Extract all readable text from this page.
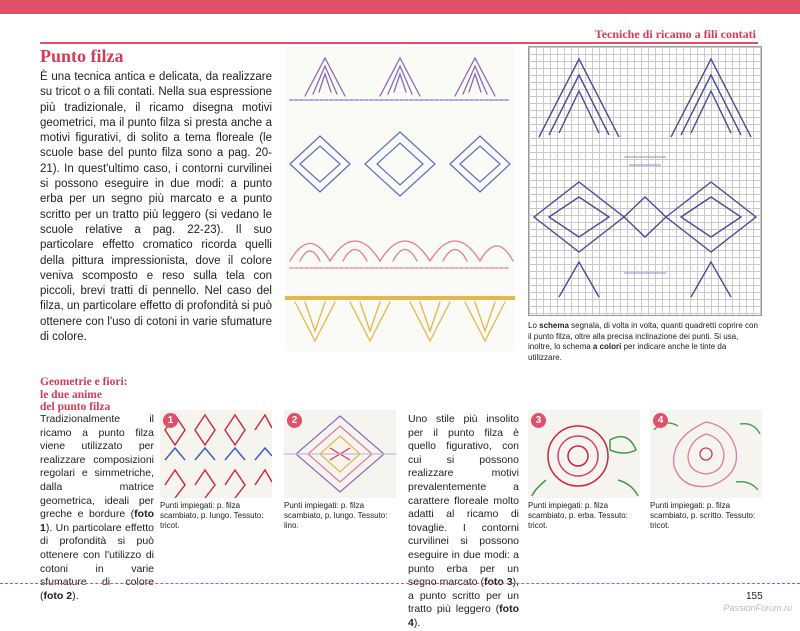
Tecniche di ricamo a fili contati
Punto filza

È una tecnica antica e delicata, da realizzare su tricot o a fili contati. Nella sua espressione più tradizionale, il ricamo disegna motivi geometrici, ma il punto filza si presta anche a motivi figurativi, di solito a tema floreale (le scuole base del punto filza sono a pag. 20-21). In quest'ultimo caso, i contorni curvilinei si possono eseguire in due modi: a punto erba per un segno più marcato e a punto scritto per un tratto più leggero (si vedano le scuole relative a pag. 22-23). Il suo particolare effetto cromatico ricorda quelli della pittura impressionista, dove il colore veniva scomposto e reso sulla tela con piccoli, brevi tratti di pennello. Nel caso del filza, un particolare effetto di profondità si può ottenere con l'uso di cotoni in varie sfumature di colore.

Lo schema segnala, di volta in volta, quanti quadretti coprire con il punto filza, oltre alla precisa inclinazione dei punti. Si usa, inoltre, lo schema a colori per indicare anche le tinte da utilizzare.

Geometrie e fiori:
le due anime
del punto filza

Tradizionalmente il ricamo a punto filza viene utilizzato per realizzare composizioni regolari e simmetriche, dalla matrice geometrica, ideali per greche e bordure (foto 1). Un particolare effetto di profondità si può ottenere con l'utilizzo di cotoni in varie sfumature di colore (foto 2).

Uno stile più insolito per il punto filza è quello figurativo, con cui si possono realizzare motivi prevalentemente a carattere floreale molto adatti al ricamo di tovaglie. I contorni curvilinei si possono eseguire in due modi: a punto erba per un segno marcato (foto 3), a punto scritto per un tratto più leggero (foto 4).

1

Punti impiegati: p. filza scambiato, p. lungo. Tessuto: tricot.

2

Punti impiegati: p. filza scambiato, p. lungo. Tessuto: lino.

3

Punti impiegati: p. filza scambiato, p. erba. Tessuto: tricot.

4

Punti impiegati: p. filza scambiato, p. scritto. Tessuto: tricot.

155
PassionForum.ru
